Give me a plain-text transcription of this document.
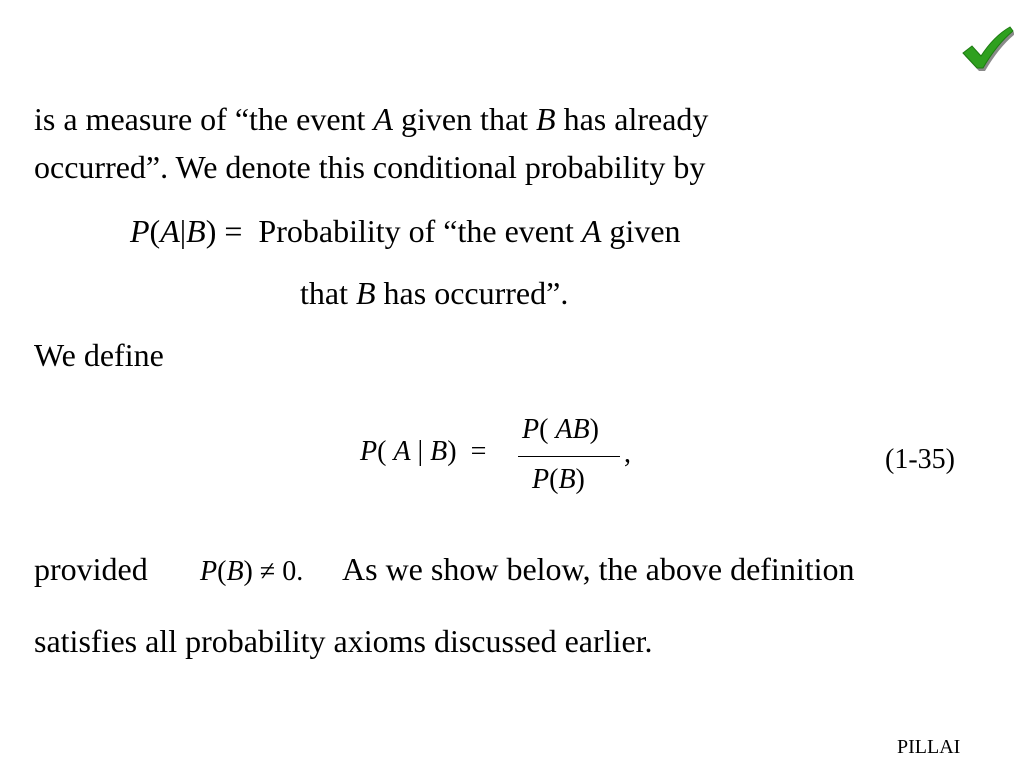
is a measure of “the event A given that B has already
occurred”. We denote this conditional probability by
P(A|B) = Probability of “the event A given
that B has occurred”.
We define
P( A | B) =
P( AB)
P(B)
,	(1-35)
provided P(B) ≠ 0. As we show below, the above definition
satisfies all probability axioms discussed earlier.
PILLAI
